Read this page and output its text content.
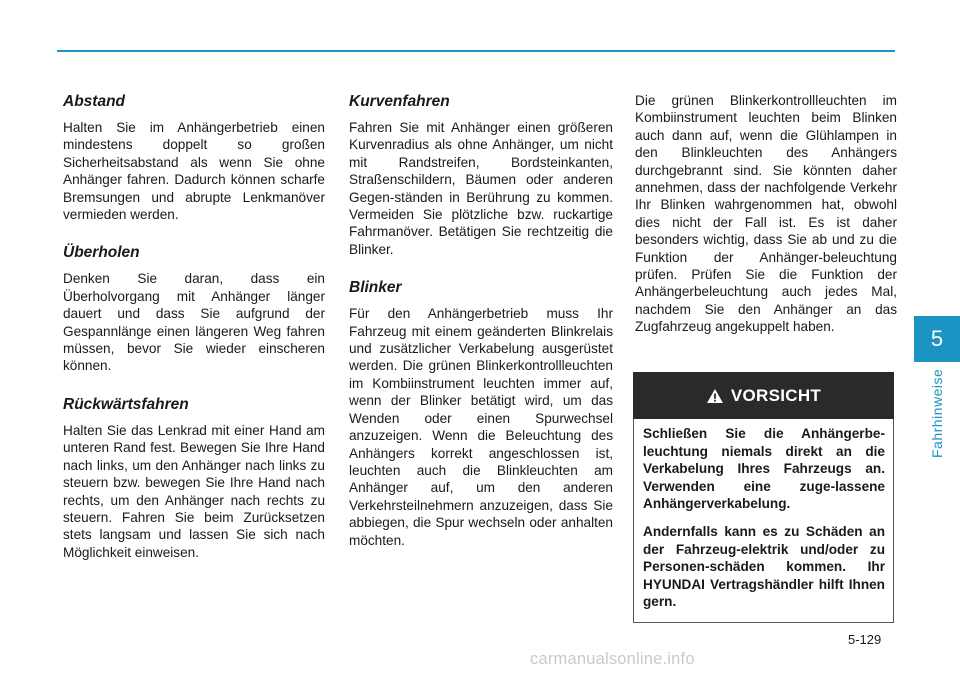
Abstand

Halten Sie im Anhängerbetrieb einen mindestens doppelt so großen Sicherheitsabstand als wenn Sie ohne Anhänger fahren. Dadurch können scharfe Bremsungen und abrupte Lenkmanöver vermieden werden.

Überholen

Denken Sie daran, dass ein Überholvorgang mit Anhänger länger dauert und dass Sie aufgrund der Gespannlänge einen längeren Weg fahren müssen, bevor Sie wieder einscheren können.

Rückwärtsfahren

Halten Sie das Lenkrad mit einer Hand am unteren Rand fest. Bewegen Sie Ihre Hand nach links, um den Anhänger nach links zu steuern bzw. bewegen Sie Ihre Hand nach rechts, um den Anhänger nach rechts zu steuern. Fahren Sie beim Zurücksetzen stets langsam und lassen Sie sich nach Möglichkeit einweisen.

Kurvenfahren

Fahren Sie mit Anhänger einen größeren Kurvenradius als ohne Anhänger, um nicht mit Randstreifen, Bordsteinkanten, Straßenschildern, Bäumen oder anderen Gegen-ständen in Berührung zu kommen. Vermeiden Sie plötzliche bzw. ruckartige Fahrmanöver. Betätigen Sie rechtzeitig die Blinker.

Blinker

Für den Anhängerbetrieb muss Ihr Fahrzeug mit einem geänderten Blinkrelais und zusätzlicher Verkabelung ausgerüstet werden. Die grünen Blinkerkontrollleuchten im Kombiinstrument leuchten immer auf, wenn der Blinker betätigt wird, um das Wenden oder einen Spurwechsel anzuzeigen. Wenn die Beleuchtung des Anhängers korrekt angeschlossen ist, leuchten auch die Blinkleuchten am Anhänger auf, um den anderen Verkehrsteilnehmern anzuzeigen, dass Sie abbiegen, die Spur wechseln oder anhalten möchten.

Die grünen Blinkerkontrollleuchten im Kombiinstrument leuchten beim Blinken auch dann auf, wenn die Glühlampen in den Blinkleuchten des Anhängers durchgebrannt sind. Sie könnten daher annehmen, dass der nachfolgende Verkehr Ihr Blinken wahrgenommen hat, obwohl dies nicht der Fall ist. Es ist daher besonders wichtig, dass Sie ab und zu die Funktion der Anhänger-beleuchtung prüfen. Prüfen Sie die Funktion der Anhängerbeleuchtung auch jedes Mal, nachdem Sie den Anhänger an das Zugfahrzeug angekuppelt haben.

VORSICHT

Schließen Sie die Anhängerbe-leuchtung niemals direkt an die Verkabelung Ihres Fahrzeugs an. Verwenden eine zuge-lassene Anhängerverkabelung.

Andernfalls kann es zu Schäden an der Fahrzeug-elektrik und/oder zu Personen-schäden kommen. Ihr HYUNDAI Vertragshändler hilft Ihnen gern.

5
Fahrhinweise
5-129
carmanualsonline.info
